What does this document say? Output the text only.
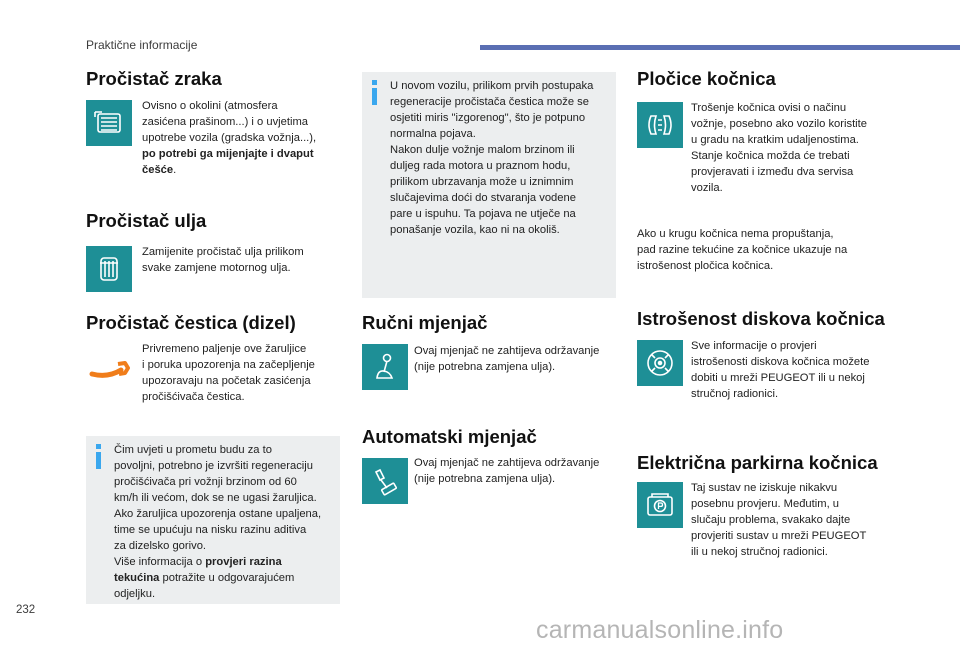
Praktične informacije
Pročistač zraka
Ovisno o okolini (atmosfera
zasićena prašinom...) i o uvjetima
upotrebe vozila (gradska vožnja...),
po potrebi ga mijenjajte i dvaput
češće.
Pročistač ulja
Zamijenite pročistač ulja prilikom
svake zamjene motornog ulja.
Pročistač čestica (dizel)
Privremeno paljenje ove žaruljice
i poruka upozorenja na začepljenje
upozoravaju na početak zasićenja
pročišćivača čestica.
Čim uvjeti u prometu budu za to
povoljni, potrebno je izvršiti regeneraciju
pročišćivača pri vožnji brzinom od 60
km/h ili većom, dok se ne ugasi žaruljica.
Ako žaruljica upozorenja ostane upaljena,
time se upućuju na nisku razinu aditiva
za dizelsko gorivo.
Više informacija o provjeri razina
tekućina potražite u odgovarajućem
odjeljku.
U novom vozilu, prilikom prvih postupaka
regeneracije pročistača čestica može se
osjetiti miris "izgorenog", što je potpuno
normalna pojava.
Nakon dulje vožnje malom brzinom ili
duljeg rada motora u praznom hodu,
prilikom ubrzavanja može u iznimnim
slučajevima doći do stvaranja vodene
pare u ispuhu. Ta pojava ne utječe na
ponašanje vozila, kao ni na okoliš.
Ručni mjenjač
Ovaj mjenjač ne zahtijeva održavanje
(nije potrebna zamjena ulja).
Automatski mjenjač
Ovaj mjenjač ne zahtijeva održavanje
(nije potrebna zamjena ulja).
Pločice kočnica
Trošenje kočnica ovisi o načinu
vožnje, posebno ako vozilo koristite
u gradu na kratkim udaljenostima.
Stanje kočnica možda će trebati
provjeravati i između dva servisa
vozila.
Ako u krugu kočnica nema propuštanja,
pad razine tekućine za kočnice ukazuje na
istrošenost pločica kočnica.
Istrošenost diskova kočnica
Sve informacije o provjeri
istrošenosti diskova kočnica možete
dobiti u mreži PEUGEOT ili u nekoj
stručnoj radionici.
Električna parkirna kočnica
Taj sustav ne iziskuje nikakvu
posebnu provjeru. Međutim, u
slučaju problema, svakako dajte
provjeriti sustav u mreži PEUGEOT
ili u nekoj stručnoj radionici.
232
carmanualsonline.info
